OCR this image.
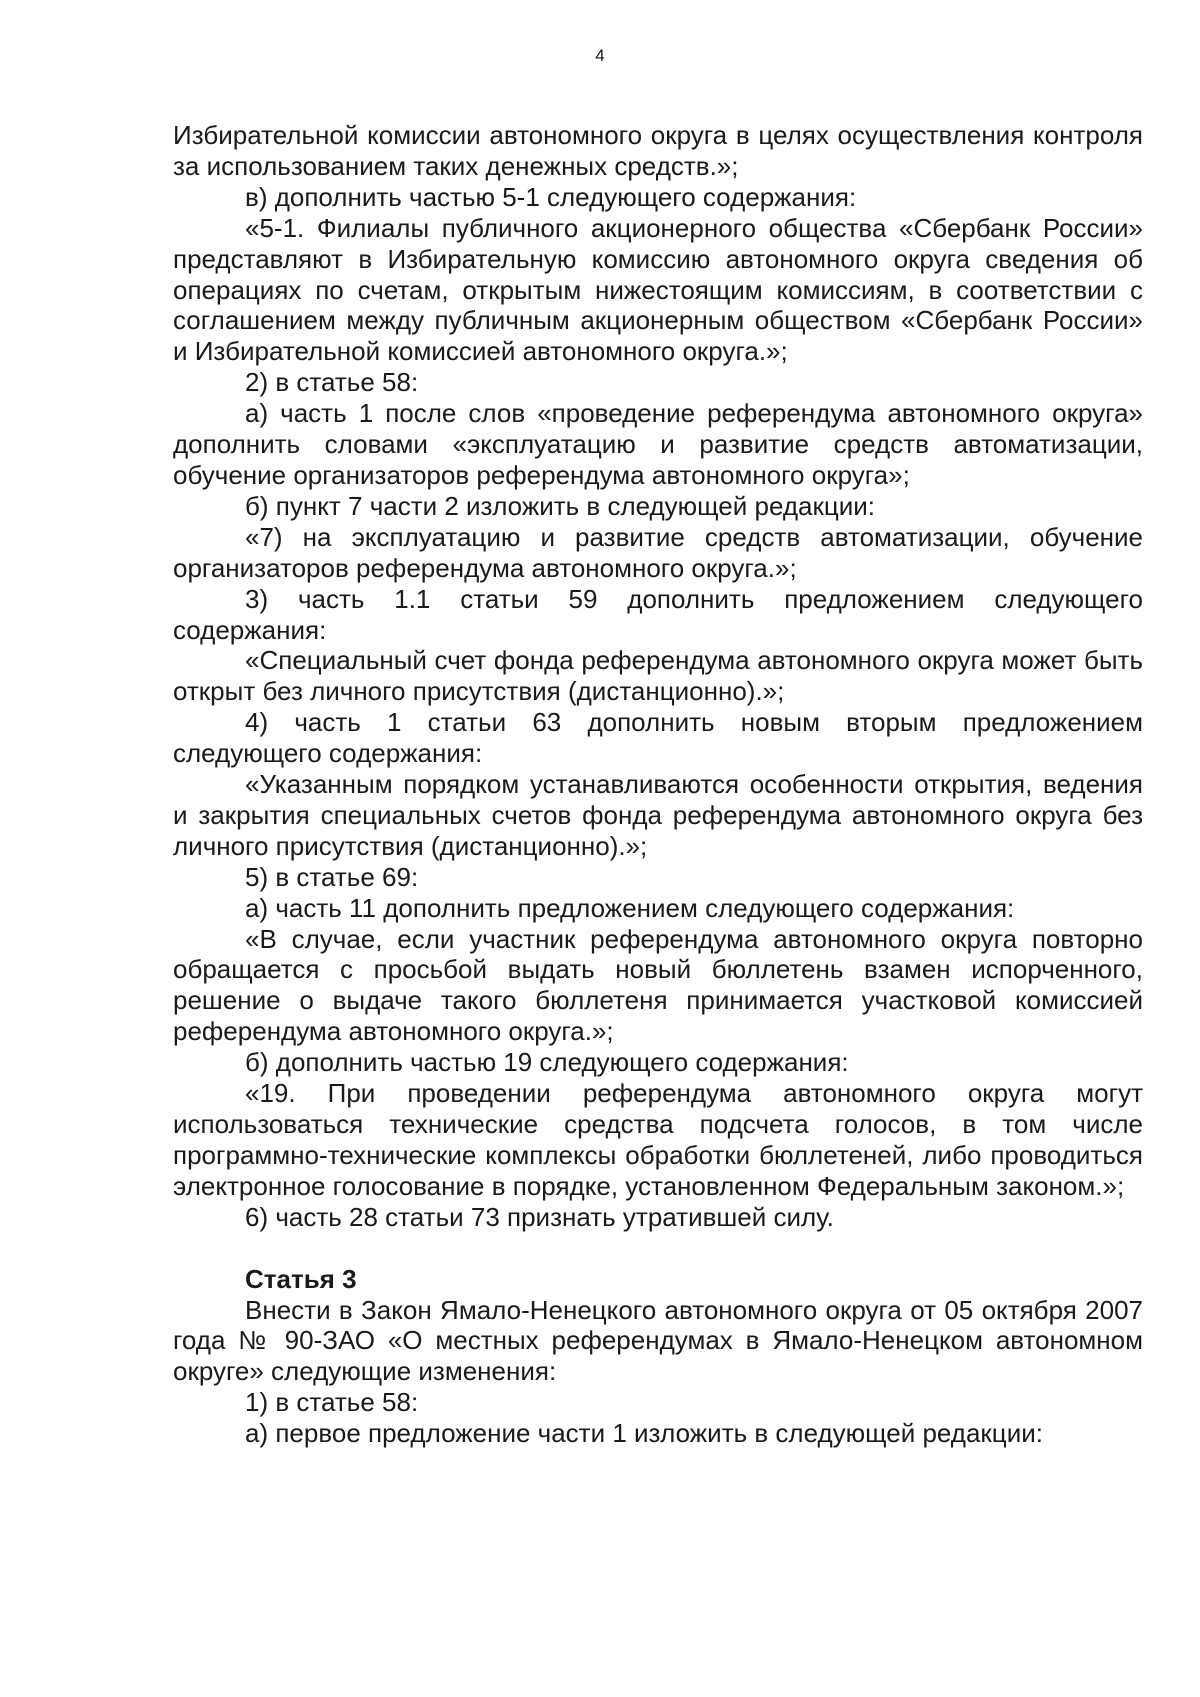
4

Избирательной комиссии автономного округа в целях осуществления контроля за использованием таких денежных средств.»;

в) дополнить частью 5-1 следующего содержания:

«5-1. Филиалы публичного акционерного общества «Сбербанк России» представляют в Избирательную комиссию автономного округа сведения об операциях по счетам, открытым нижестоящим комиссиям, в соответствии с соглашением между публичным акционерным обществом «Сбербанк России» и Избирательной комиссией автономного округа.»;

2) в статье 58:

а) часть 1 после слов «проведение референдума автономного округа» дополнить словами «эксплуатацию и развитие средств автоматизации, обучение организаторов референдума автономного округа»;

б) пункт 7 части 2 изложить в следующей редакции:

«7) на эксплуатацию и развитие средств автоматизации, обучение организаторов референдума автономного округа.»;

3) часть 1.1 статьи 59 дополнить предложением следующего содержания:

«Специальный счет фонда референдума автономного округа может быть открыт без личного присутствия (дистанционно).»;

4) часть 1 статьи 63 дополнить новым вторым предложением следующего содержания:

«Указанным порядком устанавливаются особенности открытия, ведения и закрытия специальных счетов фонда референдума автономного округа без личного присутствия (дистанционно).»;

5) в статье 69:

а) часть 11 дополнить предложением следующего содержания:

«В случае, если участник референдума автономного округа повторно обращается с просьбой выдать новый бюллетень взамен испорченного, решение о выдаче такого бюллетеня принимается участковой комиссией референдума автономного округа.»;

б) дополнить частью 19 следующего содержания:

«19. При проведении референдума автономного округа могут использоваться технические средства подсчета голосов, в том числе программно-технические комплексы обработки бюллетеней, либо проводиться электронное голосование в порядке, установленном Федеральным законом.»;

6) часть 28 статьи 73 признать утратившей силу.

Статья 3

Внести в Закон Ямало-Ненецкого автономного округа от 05 октября 2007 года № 90-ЗАО «О местных референдумах в Ямало-Ненецком автономном округе» следующие изменения:

1) в статье 58:

а) первое предложение части 1 изложить в следующей редакции:
